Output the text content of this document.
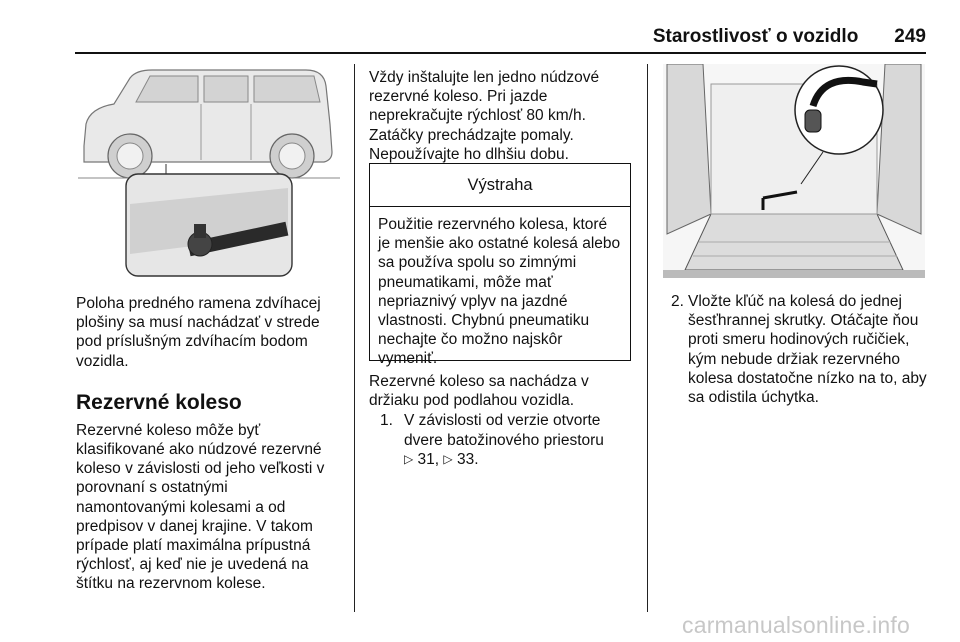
Starostlivosť o vozidlo 249

Poloha predného ramena zdvíhacej plošiny sa musí nachádzať v strede pod príslušným zdvíhacím bodom vozidla.

Rezervné koleso

Rezervné koleso môže byť klasifikované ako núdzové rezervné koleso v závislosti od jeho veľkosti v porovnaní s ostatnými namontovanými kolesami a od predpisov v danej krajine. V takom prípade platí maximálna prípustná rýchlosť, aj keď nie je uvedená na štítku na rezervnom kolese.

Vždy inštalujte len jedno núdzové rezervné koleso. Pri jazde neprekračujte rýchlosť 80 km/h. Zatáčky prechádzajte pomaly. Nepoužívajte ho dlhšiu dobu.

Výstraha
Použitie rezervného kolesa, ktoré je menšie ako ostatné kolesá alebo sa používa spolu so zimnými pneumatikami, môže mať nepriaznivý vplyv na jazdné vlastnosti. Chybnú pneumatiku nechajte čo možno najskôr vymeniť.

Rezervné koleso sa nachádza v držiaku pod podlahou vozidla.

1. V závislosti od verzie otvorte dvere batožinového priestoru
▷ 31, ▷ 33.
2. Vložte kľúč na kolesá do jednej šesťhrannej skrutky. Otáčajte ňou proti smeru hodinových ručičiek, kým nebude držiak rezervného kolesa dostatočne nízko na to, aby sa odistila úchytka.
carmanualsonline.info
